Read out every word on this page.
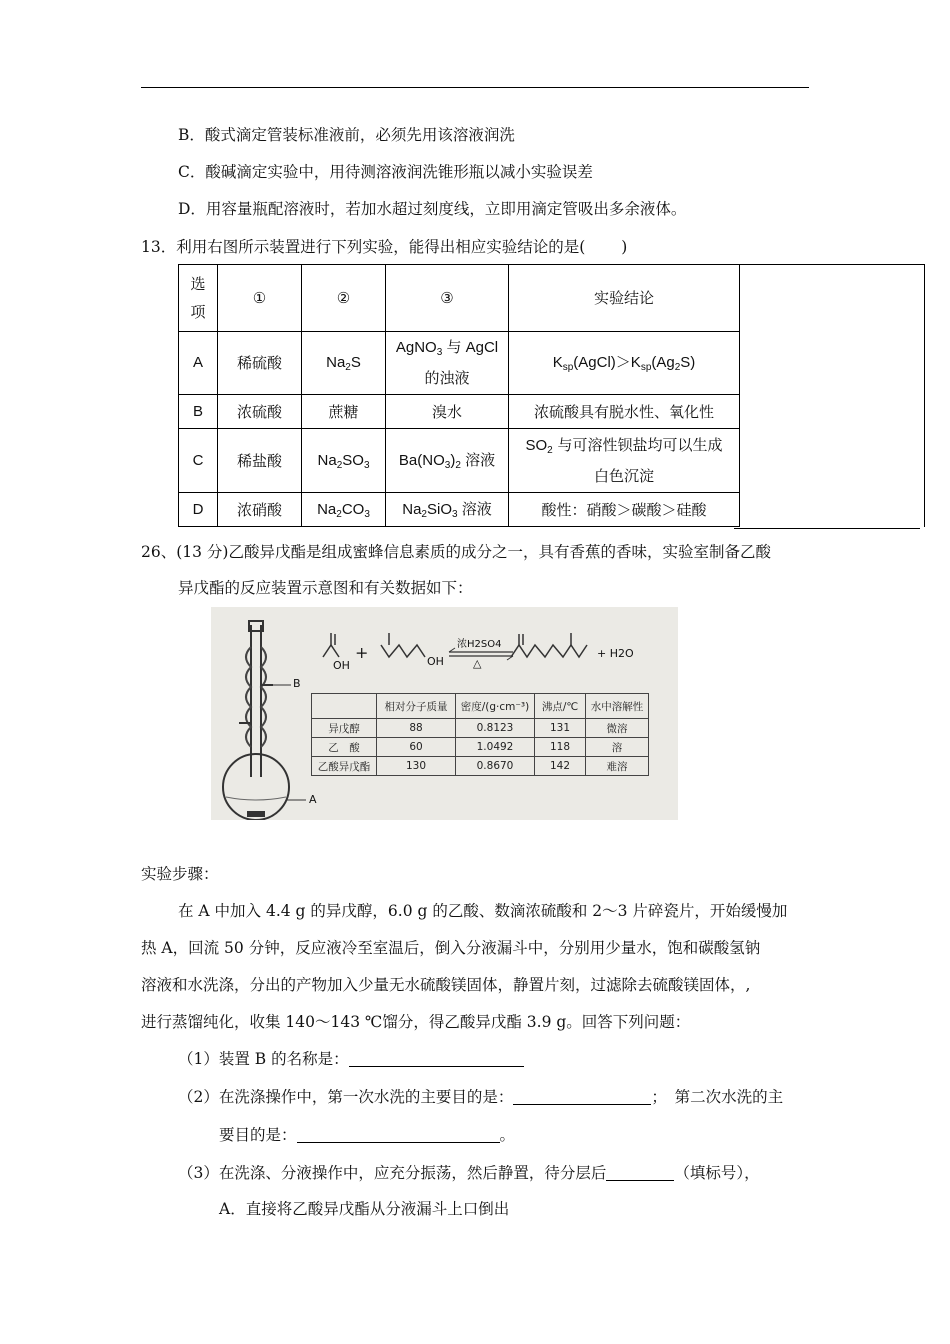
B．酸式滴定管装标准液前，必须先用该溶液润洗
C．酸碱滴定实验中，用待测溶液润洗锥形瓶以减小实验误差
D．用容量瓶配溶液时，若加水超过刻度线，立即用滴定管吸出多余液体。
13．利用右图所示装置进行下列实验，能得出相应实验结论的是(　　 )
选
项	①	②	③	实验结论	
A	稀硫酸	$Na_2S$	AgNO$_3$ 与 AgCl
的浊液	$K_{sp}(AgCl)>K_{sp}(Ag_2S)$	
B	浓硫酸	蔗糖	溴水	浓硫酸具有脱水性、氧化性	
C	稀盐酸	$Na_2SO_3$	$Ba(NO_3)_2$ 溶液	$SO_2$ 与可溶性钡盐均可以生成
白色沉淀	
D	浓硝酸	$Na_2CO_3$	$Na_2SiO_3$ 溶液	酸性：硝酸＞碳酸＞硅酸	
26、(13 分)乙酸异戊酯是组成蜜蜂信息素质的成分之一，具有香蕉的香味，实验室制备乙酸
异戊酯的反应装置示意图和有关数据如下：
OH
+	OH
浓H2SO4
△
+ H2O
B
A
	相对分子质量	密度/(g·cm⁻³)	沸点/℃	水中溶解性
异戊醇	88	0.8123	131	微溶
乙　酸	60	1.0492	118	溶
乙酸异戊酯	130	0.8670	142	难溶
实验步骤：
在 A 中加入 4.4 g 的异戊醇，6.0 g 的乙酸、数滴浓硫酸和 2～3 片碎瓷片，开始缓慢加
热 A，回流 50 分钟，反应液冷至室温后，倒入分液漏斗中，分别用少量水，饱和碳酸氢钠
溶液和水洗涤，分出的产物加入少量无水硫酸镁固体，静置片刻，过滤除去硫酸镁固体，,
进行蒸馏纯化，收集 140～143 ℃馏分，得乙酸异戊酯 3.9 g。回答下列问题：
（1）装置 B 的名称是：
（2）在洗涤操作中，第一次水洗的主要目的是：	；　第二次水洗的主
要目的是：	。
（3）在洗涤、分液操作中，应充分振荡，然后静置，待分层后	（填标号），
A．直接将乙酸异戊酯从分液漏斗上口倒出
